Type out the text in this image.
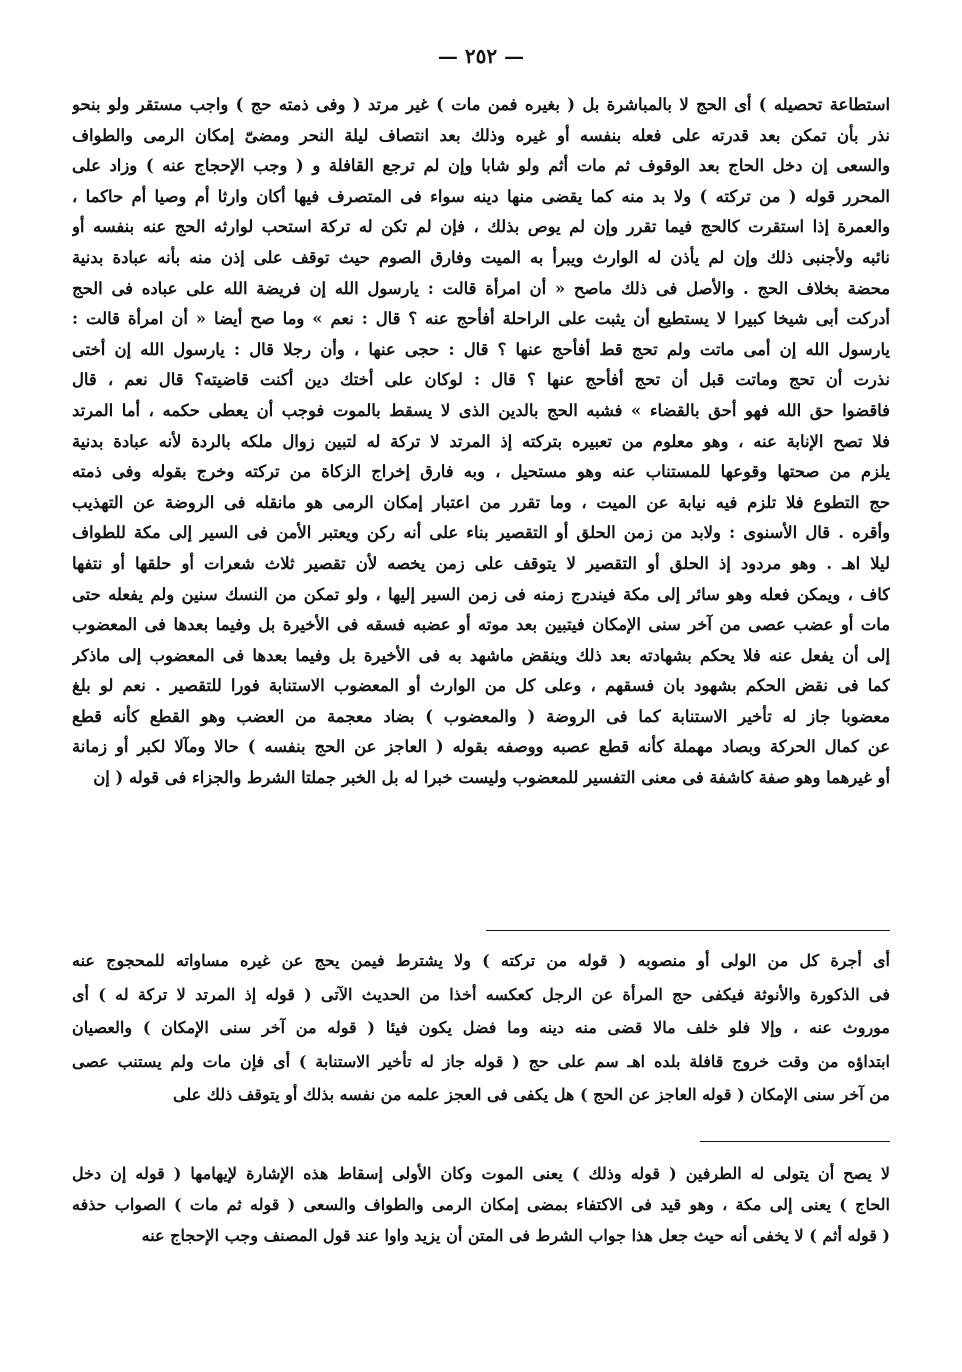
— ٢٥٢ —
استطاعة تحصيله ) أى الحج لا بالمباشرة بل ( بغيره فمن مات ) غير مرتد ( وفى ذمته حج ) واجب مستقر ولو بنحو
نذر بأن تمكن بعد قدرته على فعله بنفسه أو غيره وذلك بعد انتصاف ليلة النحر ومضىّ إمكان الرمى والطواف
والسعى إن دخل الحاج بعد الوقوف ثم مات أثم ولو شابا وإن لم ترجع القافلة و ( وجب الإحجاج عنه ) وزاد على
المحرر قوله ( من تركته ) ولا بد منه كما يقضى منها دينه سواء فى المتصرف فيها أكان وارثا أم وصيا أم حاكما ،
والعمرة إذا استقرت كالحج فيما تقرر وإن لم يوص بذلك ، فإن لم تكن له تركة استحب لوارثه الحج عنه بنفسه أو
نائبه ولأجنبى ذلك وإن لم يأذن له الوارث ويبرأ به الميت وفارق الصوم حيث توقف على إذن منه بأنه عبادة بدنية
محضة بخلاف الحج . والأصل فى ذلك ماصح « أن امرأة قالت : يارسول الله إن فريضة الله على عباده فى الحج
أدركت أبى شيخا كبيرا لا يستطيع أن يثبت على الراحلة أفأحج عنه ؟ قال : نعم » وما صح أيضا « أن امرأة قالت :
يارسول الله إن أمى ماتت ولم تحج قط أفأحج عنها ؟ قال : حجى عنها ، وأن رجلا قال : يارسول الله إن أختى
نذرت أن تحج وماتت قبل أن تحج أفأحج عنها ؟ قال : لوكان على أختك دين أكنت قاضيته؟ قال نعم ، قال
فاقضوا حق الله فهو أحق بالقضاء » فشبه الحج بالدين الذى لا يسقط بالموت فوجب أن يعطى حكمه ، أما المرتد
فلا تصح الإنابة عنه ، وهو معلوم من تعبيره بتركته إذ المرتد لا تركة له لتبين زوال ملكه بالردة لأنه عبادة بدنية
يلزم من صحتها وقوعها للمستناب عنه وهو مستحيل ، وبه فارق إخراج الزكاة من تركته وخرج بقوله وفى ذمته
حج التطوع فلا تلزم فيه نيابة عن الميت ، وما تقرر من اعتبار إمكان الرمى هو مانقله فى الروضة عن التهذيب
وأقره . قال الأسنوى : ولابد من زمن الحلق أو التقصير بناء على أنه ركن ويعتبر الأمن فى السير إلى مكة للطواف
ليلا اهـ . وهو مردود إذ الحلق أو التقصير لا يتوقف على زمن يخصه لأن تقصير ثلاث شعرات أو حلقها أو نتفها
كاف ، ويمكن فعله وهو سائر إلى مكة فيندرج زمنه فى زمن السير إليها ، ولو تمكن من النسك سنين ولم يفعله حتى
مات أو عضب عصى من آخر سنى الإمكان فيتبين بعد موته أو عضبه فسقه فى الأخيرة بل وفيما بعدها فى المعضوب
إلى أن يفعل عنه فلا يحكم بشهادته بعد ذلك وينقض ماشهد به فى الأخيرة بل وفيما بعدها فى المعضوب إلى ماذكر
كما فى نقض الحكم بشهود بان فسقهم ، وعلى كل من الوارث أو المعضوب الاستنابة فورا للتقصير . نعم لو بلغ
معضوبا جاز له تأخير الاستنابة كما فى الروضة ( والمعضوب ) بضاد معجمة من العضب وهو القطع كأنه قطع
عن كمال الحركة وبصاد مهملة كأنه قطع عصبه ووصفه بقوله ( العاجز عن الحج بنفسه ) حالا ومآلا لكبر أو زمانة
أو غيرهما وهو صفة كاشفة فى معنى التفسير للمعضوب وليست خبرا له بل الخبر جملتا الشرط والجزاء فى قوله ( إن
أى أجرة كل من الولى أو منصوبه ( قوله من تركته ) ولا يشترط فيمن يحج عن غيره مساواته للمحجوج عنه
فى الذكورة والأنوثة فيكفى حج المرأة عن الرجل كعكسه أخذا من الحديث الآتى ( قوله إذ المرتد لا تركة له ) أى
موروث عنه ، وإلا فلو خلف مالا قضى منه دينه وما فضل يكون فيئا ( قوله من آخر سنى الإمكان ) والعصيان
ابتداؤه من وقت خروج قافلة بلده اهـ سم على حج ( قوله جاز له تأخير الاستنابة ) أى فإن مات ولم يستنب عصى
من آخر سنى الإمكان ( قوله العاجز عن الحج ) هل يكفى فى العجز علمه من نفسه بذلك أو يتوقف ذلك على
لا يصح أن يتولى له الطرفين ( قوله وذلك ) يعنى الموت وكان الأولى إسقاط هذه الإشارة لإيهامها ( قوله إن دخل
الحاج ) يعنى إلى مكة ، وهو قيد فى الاكتفاء بمضى إمكان الرمى والطواف والسعى ( قوله ثم مات ) الصواب حذفه
( قوله أثم ) لا يخفى أنه حيث جعل هذا جواب الشرط فى المتن أن يزيد واوا عند قول المصنف وجب الإحجاج عنه
